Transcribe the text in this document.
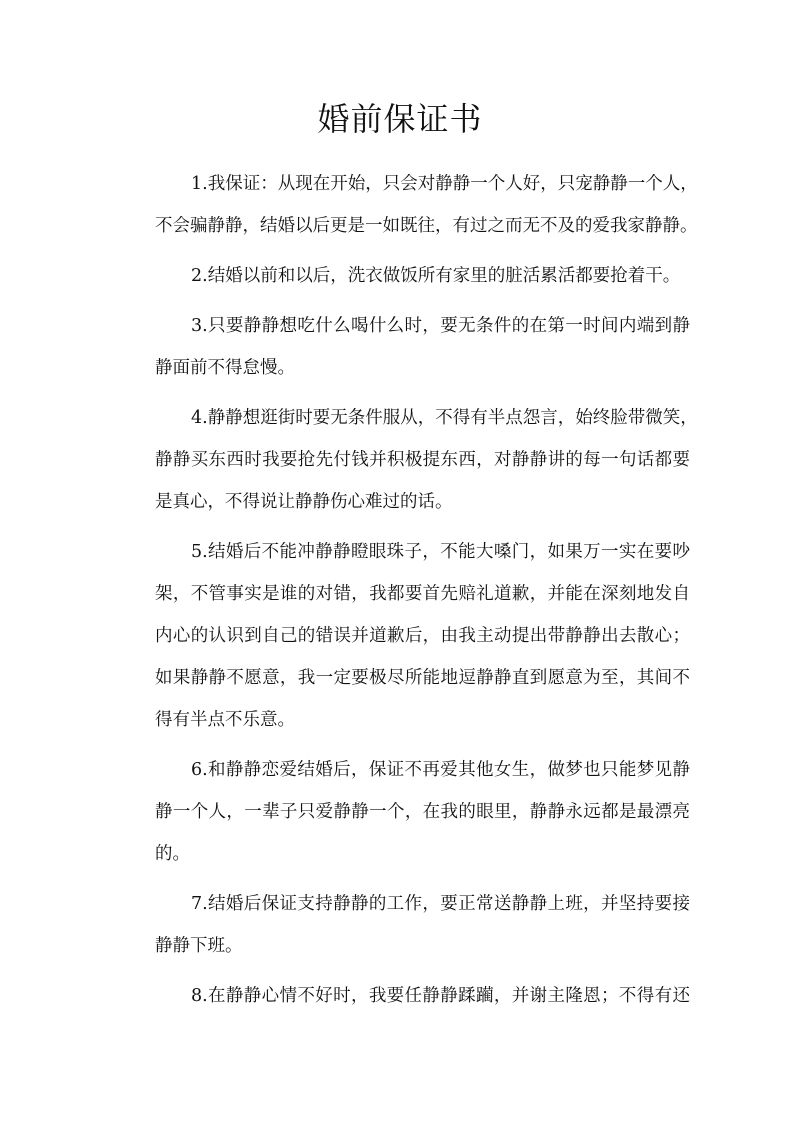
婚前保证书
1.我保证：从现在开始，只会对静静一个人好，只宠静静一个人，
不会骗静静，结婚以后更是一如既往，有过之而无不及的爱我家静静。
2.结婚以前和以后，洗衣做饭所有家里的脏活累活都要抢着干。
3.只要静静想吃什么喝什么时，要无条件的在第一时间内端到静
静面前不得怠慢。
4.静静想逛街时要无条件服从，不得有半点怨言，始终脸带微笑，
静静买东西时我要抢先付钱并积极提东西，对静静讲的每一句话都要
是真心，不得说让静静伤心难过的话。
5.结婚后不能冲静静瞪眼珠子，不能大嗓门，如果万一实在要吵
架，不管事实是谁的对错，我都要首先赔礼道歉，并能在深刻地发自
内心的认识到自己的错误并道歉后，由我主动提出带静静出去散心；
如果静静不愿意，我一定要极尽所能地逗静静直到愿意为至，其间不
得有半点不乐意。
6.和静静恋爱结婚后，保证不再爱其他女生，做梦也只能梦见静
静一个人，一辈子只爱静静一个，在我的眼里，静静永远都是最漂亮
的。
7.结婚后保证支持静静的工作，要正常送静静上班，并坚持要接
静静下班。
8.在静静心情不好时，我要任静静蹂躏，并谢主隆恩；不得有还
